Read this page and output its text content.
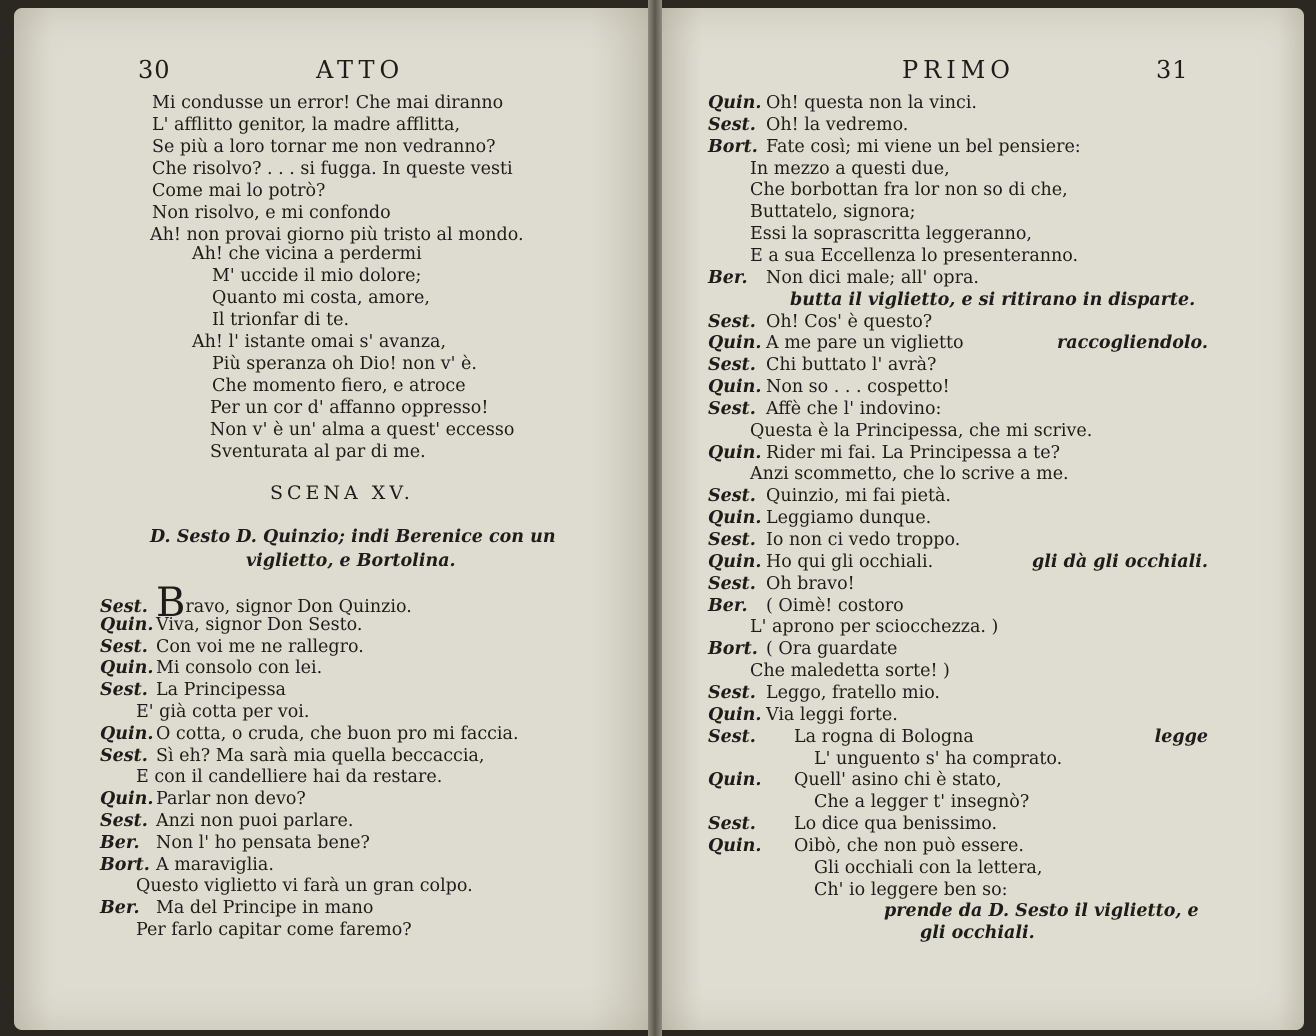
30	ATTO	PRIMO	31
Mi condusse un error! Che mai diranno
L' afflitto genitor, la madre afflitta,
Se più a loro tornar me non vedranno?
Che risolvo? . . . si fugga. In queste vesti
Come mai lo potrò?
Non risolvo, e mi confondo
Ah! non provai giorno più tristo al mondo.
Ah! che vicina a perdermi
M' uccide il mio dolore;
Quanto mi costa, amore,
Il trionfar di te.
Ah! l' istante omai s' avanza,
Più speranza oh Dio! non v' è.
Che momento fiero, e atroce
Per un cor d' affanno oppresso!
Non v' è un' alma a quest' eccesso
Sventurata al par di me.
SCENA XV.
D. Sesto D. Quinzio; indi Berenice con un
viglietto, e Bortolina.
Sest. Bravo, signor Don Quinzio.
Quin. Viva, signor Don Sesto.
Sest. Con voi me ne rallegro.
Quin. Mi consolo con lei.
Sest. La Principessa
E' già cotta per voi.
Quin. O cotta, o cruda, che buon pro mi faccia.
Sest. Sì eh? Ma sarà mia quella beccaccia,
E con il candelliere hai da restare.
Quin. Parlar non devo?
Sest. Anzi non puoi parlare.
Ber. Non l' ho pensata bene?
Bort. A maraviglia.
Questo viglietto vi farà un gran colpo.
Ber. Ma del Principe in mano
Per farlo capitar come faremo?
Quin. Oh! questa non la vinci.
Sest. Oh! la vedremo.
Bort. Fate così; mi viene un bel pensiere:
In mezzo a questi due,
Che borbottan fra lor non so di che,
Buttatelo, signora;
Essi la soprascritta leggeranno,
E a sua Eccellenza lo presenteranno.
Ber. Non dici male; all' opra.
butta il viglietto, e si ritirano in disparte.
Sest. Oh! Cos' è questo?
Quin. A me pare un viglietto	raccogliendolo.
Sest. Chi buttato l' avrà?
Quin. Non so . . . cospetto!
Sest. Affè che l' indovino:
Questa è la Principessa, che mi scrive.
Quin. Rider mi fai. La Principessa a te?
Anzi scommetto, che lo scrive a me.
Sest. Quinzio, mi fai pietà.
Quin. Leggiamo dunque.
Sest. Io non ci vedo troppo.
Quin. Ho qui gli occhiali.	gli dà gli occhiali.
Sest. Oh bravo!
Ber. ( Oimè! costoro
L' aprono per sciocchezza. )
Bort. ( Ora guardate
Che maledetta sorte! )
Sest. Leggo, fratello mio.
Quin. Via leggi forte.
Sest. La rogna di Bologna	legge
L' unguento s' ha comprato.
Quin. Quell' asino chi è stato,
Che a legger t' insegnò?
Sest. Lo dice qua benissimo.
Quin. Oibò, che non può essere.
Gli occhiali con la lettera,
Ch' io leggere ben so:
prende da D. Sesto il viglietto, e
gli occhiali.
